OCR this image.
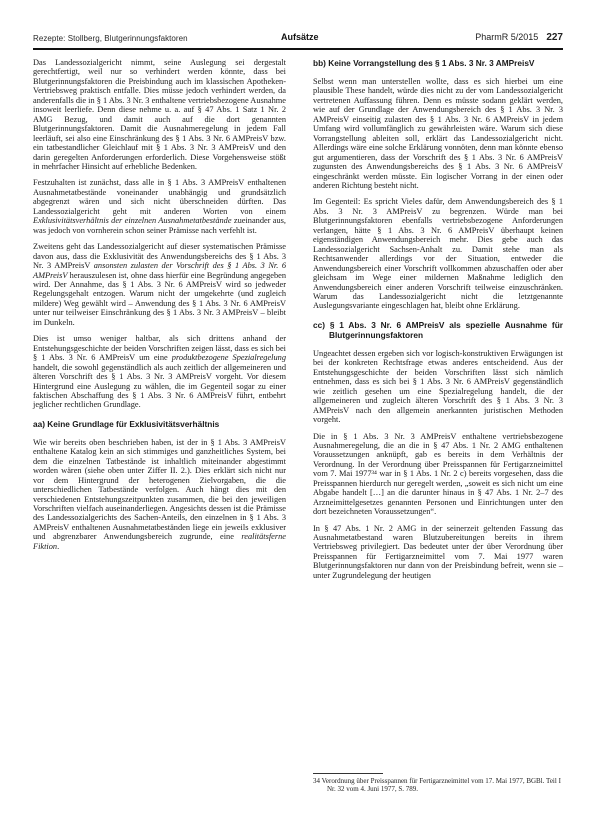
Rezepte: Stollberg, Blutgerinnungsfaktoren	Aufsätze	PharmR 5/2015 227

Das Landessozialgericht nimmt, seine Auslegung sei dergestalt gerechtfertigt, weil nur so verhindert werden könnte, dass bei Blutgerinnungsfaktoren die Preisbindung auch im klassischen Apotheken-Vertriebsweg praktisch entfalle. Dies müsse jedoch verhindert werden, da anderenfalls die in § 1 Abs. 3 Nr. 3 enthaltene vertriebsbezogene Ausnahme insoweit leerliefe. Denn diese nehme u. a. auf § 47 Abs. 1 Satz 1 Nr. 2 AMG Bezug, und damit auch auf die dort genannten Blutgerinnungsfaktoren. Damit die Ausnahmeregelung in jedem Fall leerläuft, sei also eine Einschränkung des § 1 Abs. 3 Nr. 6 AMPreisV bzw. ein tatbestandlicher Gleichlauf mit § 1 Abs. 3 Nr. 3 AMPreisV und den darin geregelten Anforderungen erforderlich. Diese Vorgehensweise stößt in mehrfacher Hinsicht auf erhebliche Bedenken.

Festzuhalten ist zunächst, dass alle in § 1 Abs. 3 AMPreisV enthaltenen Ausnahmetatbestände voneinander unabhängig und grundsätzlich abgegrenzt wären und sich nicht überschneiden dürften. Das Landessozialgericht geht mit anderen Worten von einem Exklusivitätsverhältnis der einzelnen Ausnahmetatbestände zueinander aus, was jedoch von vornherein schon seiner Prämisse nach verfehlt ist.

Zweitens geht das Landessozialgericht auf dieser systematischen Prämisse davon aus, dass die Exklusivität des Anwendungsbereichs des § 1 Abs. 3 Nr. 3 AMPreisV ansonsten zulasten der Vorschrift des § 1 Abs. 3 Nr. 6 AMPreisV herauszulesen ist, ohne dass hierfür eine Begründung angegeben wird. Der Annahme, das § 1 Abs. 3 Nr. 6 AMPreisV wird so jedweder Regelungsgehalt entzogen. Warum nicht der umgekehrte (und zugleich mildere) Weg gewählt wird – Anwendung des § 1 Abs. 3 Nr. 6 AMPreisV unter nur teilweiser Einschränkung des § 1 Abs. 3 Nr. 3 AMPreisV – bleibt im Dunkeln.

Dies ist umso weniger haltbar, als sich drittens anhand der Entstehungsgeschichte der beiden Vorschriften zeigen lässt, dass es sich bei § 1 Abs. 3 Nr. 6 AMPreisV um eine produktbezogene Spezialregelung handelt, die sowohl gegenständlich als auch zeitlich der allgemeineren und älteren Vorschrift des § 1 Abs. 3 Nr. 3 AMPreisV vorgeht. Vor diesem Hintergrund eine Auslegung zu wählen, die im Gegenteil sogar zu einer faktischen Abschaffung des § 1 Abs. 3 Nr. 6 AMPreisV führt, entbehrt jeglicher rechtlichen Grundlage.

aa) Keine Grundlage für Exklusivitätsverhältnis

Wie wir bereits oben beschrieben haben, ist der in § 1 Abs. 3 AMPreisV enthaltene Katalog kein an sich stimmiges und ganzheitliches System, bei dem die einzelnen Tatbestände ist inhaltlich miteinander abgestimmt worden wären (siehe oben unter Ziffer II. 2.). Dies erklärt sich nicht nur vor dem Hintergrund der heterogenen Zielvorgaben, die die unterschiedlichen Tatbestände verfolgen. Auch hängt dies mit den verschiedenen Entstehungszeitpunkten zusammen, die bei den jeweiligen Vorschriften vielfach auseinanderliegen. Angesichts dessen ist die Prämisse des Landessozialgerichts des Sachen-Anteils, den einzelnen in § 1 Abs. 3 AMPreisV enthaltenen Ausnahmetatbeständen liege ein jeweils exklusiver und abgrenzbarer Anwendungsbereich zugrunde, eine realitätsferne Fiktion.

bb) Keine Vorrangstellung des § 1 Abs. 3 Nr. 3 AMPreisV

Selbst wenn man unterstellen wollte, dass es sich hierbei um eine plausible These handelt, würde dies nicht zu der vom Landessozialgericht vertretenen Auffassung führen. Denn es müsste sodann geklärt werden, wie auf der Grundlage der Anwendungsbereich des § 1 Abs. 3 Nr. 3 AMPreisV einseitig zulasten des § 1 Abs. 3 Nr. 6 AMPreisV in jedem Umfang wird vollumfänglich zu gewährleisten wäre. Warum sich diese Vorrangstellung ableiten soll, erklärt das Landessozialgericht nicht. Allerdings wäre eine solche Erklärung vonnöten, denn man könnte ebenso gut argumentieren, dass der Vorschrift des § 1 Abs. 3 Nr. 6 AMPreisV zugunsten des Anwendungsbereichs des § 1 Abs. 3 Nr. 6 AMPreisV eingeschränkt werden müsste. Ein logischer Vorrang in der einen oder anderen Richtung besteht nicht.

Im Gegenteil: Es spricht Vieles dafür, dem Anwendungsbereich des § 1 Abs. 3 Nr. 3 AMPreisV zu begrenzen. Würde man bei Blutgerinnungsfaktoren ebenfalls vertriebsbezogene Anforderungen verlangen, hätte § 1 Abs. 3 Nr. 6 AMPreisV überhaupt keinen eigenständigen Anwendungsbereich mehr. Dies gebe auch das Landessozialgericht Sachsen-Anhalt zu. Damit stehe man als Rechtsanwender allerdings vor der Situation, entweder die Anwendungsbereich einer Vorschrift vollkommen abzuschaffen oder aber gleichsam im Wege einer mildernen Maßnahme lediglich den Anwendungsbereich einer anderen Vorschrift teilweise einzuschränken. Warum das Landessozialgericht nicht die letztgenannte Auslegungsvariante eingeschlagen hat, bleibt ohne Erklärung.

cc) § 1 Abs. 3 Nr. 6 AMPreisV als spezielle Ausnahme für Blutgerinnungsfaktoren

Ungeachtet dessen ergeben sich vor logisch-konstruktiven Erwägungen ist bei der konkreten Rechtsfrage etwas anderes entscheidend. Aus der Entstehungsgeschichte der beiden Vorschriften lässt sich nämlich entnehmen, dass es sich bei § 1 Abs. 3 Nr. 6 AMPreisV gegenständlich wie zeitlich gesehen um eine Spezialregelung handelt, die der allgemeineren und zugleich älteren Vorschrift des § 1 Abs. 3 Nr. 3 AMPreisV nach den allgemein anerkannten juristischen Methoden vorgeht.

Die in § 1 Abs. 3 Nr. 3 AMPreisV enthaltene vertriebsbezogene Ausnahmeregelung, die an die in § 47 Abs. 1 Nr. 2 AMG enthaltenen Voraussetzungen anknüpft, gab es bereits in dem Verhältnis der Verordnung. In der Verordnung über Preisspannen für Fertigarzneimittel vom 7. Mai 1977³⁴ war in § 1 Abs. 1 Nr. 2 c) bereits vorgesehen, dass die Preisspannen hierdurch nur geregelt werden, „soweit es sich nicht um eine Abgabe handelt […] an die darunter hinaus in § 47 Abs. 1 Nr. 2–7 des Arzneimittelgesetzes genannten Personen und Einrichtungen unter den dort bezeichneten Voraussetzungen“.

In § 47 Abs. 1 Nr. 2 AMG in der seinerzeit geltenden Fassung das Ausnahmetatbestand waren Blutzubereitungen bereits in ihrem Vertriebsweg privilegiert. Das bedeutet unter der über Verordnung über Preisspannen für Fertigarzneimittel vom 7. Mai 1977 waren Blutgerinnungsfaktoren nur dann von der Preisbindung befreit, wenn sie – unter Zugrundelegung der heutigen

34 Verordnung über Preisspannen für Fertigarzneimittel vom 17. Mai 1977, BGBl. Teil I Nr. 32 vom 4. Juni 1977, S. 789.
